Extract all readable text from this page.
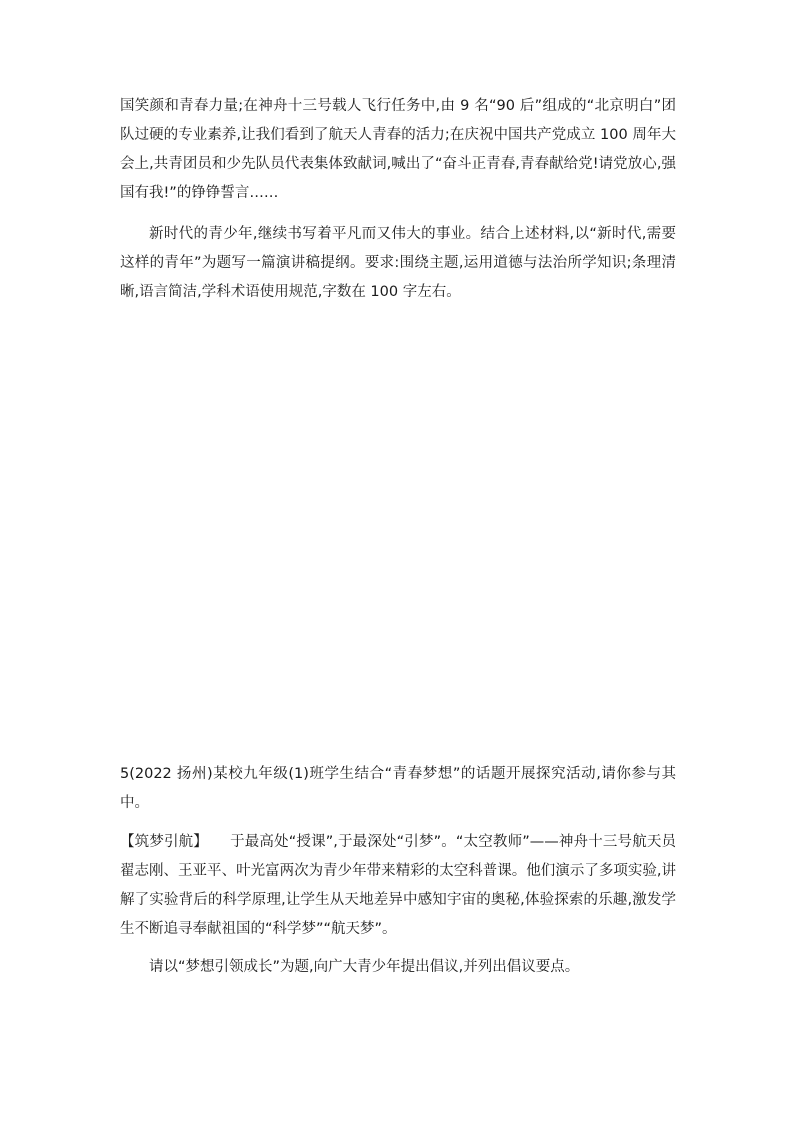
国笑颜和青春力量;在神舟十三号载人飞行任务中,由 9 名“90 后”组成的“北京明白”团队过硬的专业素养,让我们看到了航天人青春的活力;在庆祝中国共产党成立 100 周年大会上,共青团员和少先队员代表集体致献词,喊出了“奋斗正青春,青春献给党!请党放心,强国有我!”的铮铮誓言……

新时代的青少年,继续书写着平凡而又伟大的事业。结合上述材料,以“新时代,需要这样的青年”为题写一篇演讲稿提纲。要求:围绕主题,运用道德与法治所学知识;条理清晰,语言简洁,学科术语使用规范,字数在 100 字左右。

5(2022 扬州)某校九年级(1)班学生结合“青春梦想”的话题开展探究活动,请你参与其中。

【筑梦引航】 于最高处“授课”,于最深处“引梦”。“太空教师”——神舟十三号航天员翟志刚、王亚平、叶光富两次为青少年带来精彩的太空科普课。他们演示了多项实验,讲解了实验背后的科学原理,让学生从天地差异中感知宇宙的奥秘,体验探索的乐趣,激发学生不断追寻奉献祖国的“科学梦”“航天梦”。

请以“梦想引领成长”为题,向广大青少年提出倡议,并列出倡议要点。
